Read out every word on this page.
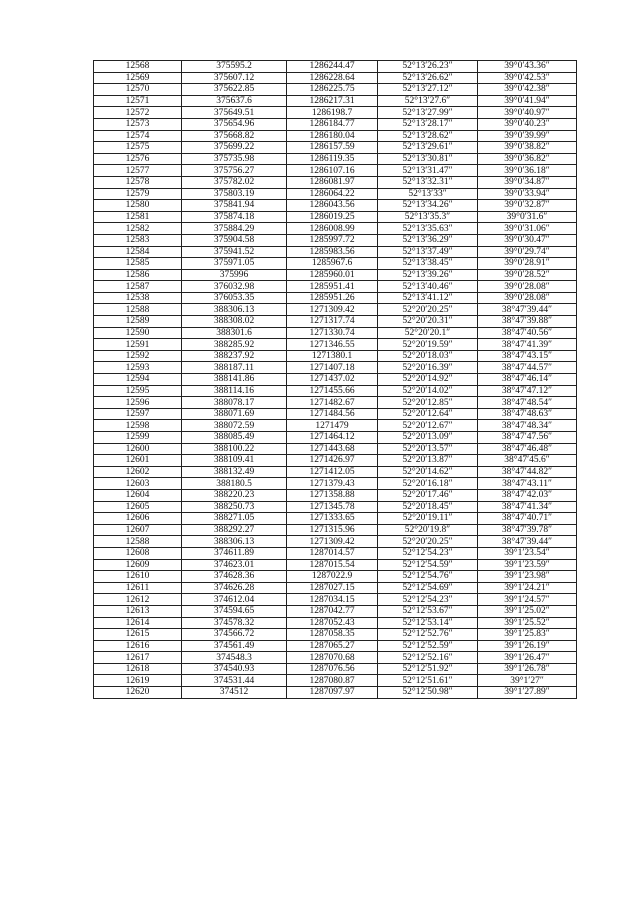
12568	375595.2	1286244.47	52°13′26.23″	39°0′43.36″
12569	375607.12	1286228.64	52°13′26.62″	39°0′42.53″
12570	375622.85	1286225.75	52°13′27.12″	39°0′42.38″
12571	375637.6	1286217.31	52°13′27.6″	39°0′41.94″
12572	375649.51	1286198.7	52°13′27.99″	39°0′40.97″
12573	375654.96	1286184.77	52°13′28.17″	39°0′40.23″
12574	375668.82	1286180.04	52°13′28.62″	39°0′39.99″
12575	375699.22	1286157.59	52°13′29.61″	39°0′38.82″
12576	375735.98	1286119.35	52°13′30.81″	39°0′36.82″
12577	375756.27	1286107.16	52°13′31.47″	39°0′36.18″
12578	375782.02	1286081.97	52°13′32.31″	39°0′34.87″
12579	375803.19	1286064.22	52°13′33″	39°0′33.94″
12580	375841.94	1286043.56	52°13′34.26″	39°0′32.87″
12581	375874.18	1286019.25	52°13′35.3″	39°0′31.6″
12582	375884.29	1286008.99	52°13′35.63″	39°0′31.06″
12583	375904.58	1285997.72	52°13′36.29″	39°0′30.47″
12584	375941.52	1285983.56	52°13′37.49″	39°0′29.74″
12585	375971.05	1285967.6	52°13′38.45″	39°0′28.91″
12586	375996	1285960.01	52°13′39.26″	39°0′28.52″
12587	376032.98	1285951.41	52°13′40.46″	39°0′28.08″
12538	376053.35	1285951.26	52°13′41.12″	39°0′28.08″
12588	388306.13	1271309.42	52°20′20.25″	38°47′39.44″
12589	388308.02	1271317.74	52°20′20.31″	38°47′39.88″
12590	388301.6	1271330.74	52°20′20.1″	38°47′40.56″
12591	388285.92	1271346.55	52°20′19.59″	38°47′41.39″
12592	388237.92	1271380.1	52°20′18.03″	38°47′43.15″
12593	388187.11	1271407.18	52°20′16.39″	38°47′44.57″
12594	388141.86	1271437.02	52°20′14.92″	38°47′46.14″
12595	388114.16	1271455.66	52°20′14.02″	38°47′47.12″
12596	388078.17	1271482.67	52°20′12.85″	38°47′48.54″
12597	388071.69	1271484.56	52°20′12.64″	38°47′48.63″
12598	388072.59	1271479	52°20′12.67″	38°47′48.34″
12599	388085.49	1271464.12	52°20′13.09″	38°47′47.56″
12600	388100.22	1271443.68	52°20′13.57″	38°47′46.48″
12601	388109.41	1271426.97	52°20′13.87″	38°47′45.6″
12602	388132.49	1271412.05	52°20′14.62″	38°47′44.82″
12603	388180.5	1271379.43	52°20′16.18″	38°47′43.11″
12604	388220.23	1271358.88	52°20′17.46″	38°47′42.03″
12605	388250.73	1271345.78	52°20′18.45″	38°47′41.34″
12606	388271.05	1271333.65	52°20′19.11″	38°47′40.71″
12607	388292.27	1271315.96	52°20′19.8″	38°47′39.78″
12588	388306.13	1271309.42	52°20′20.25″	38°47′39.44″
12608	374611.89	1287014.57	52°12′54.23″	39°1′23.54″
12609	374623.01	1287015.54	52°12′54.59″	39°1′23.59″
12610	374628.36	1287022.9	52°12′54.76″	39°1′23.98″
12611	374626.28	1287027.15	52°12′54.69″	39°1′24.21″
12612	374612.04	1287034.15	52°12′54.23″	39°1′24.57″
12613	374594.65	1287042.77	52°12′53.67″	39°1′25.02″
12614	374578.32	1287052.43	52°12′53.14″	39°1′25.52″
12615	374566.72	1287058.35	52°12′52.76″	39°1′25.83″
12616	374561.49	1287065.27	52°12′52.59″	39°1′26.19″
12617	374548.3	1287070.68	52°12′52.16″	39°1′26.47″
12618	374540.93	1287076.56	52°12′51.92″	39°1′26.78″
12619	374531.44	1287080.87	52°12′51.61″	39°1′27″
12620	374512	1287097.97	52°12′50.98″	39°1′27.89″
